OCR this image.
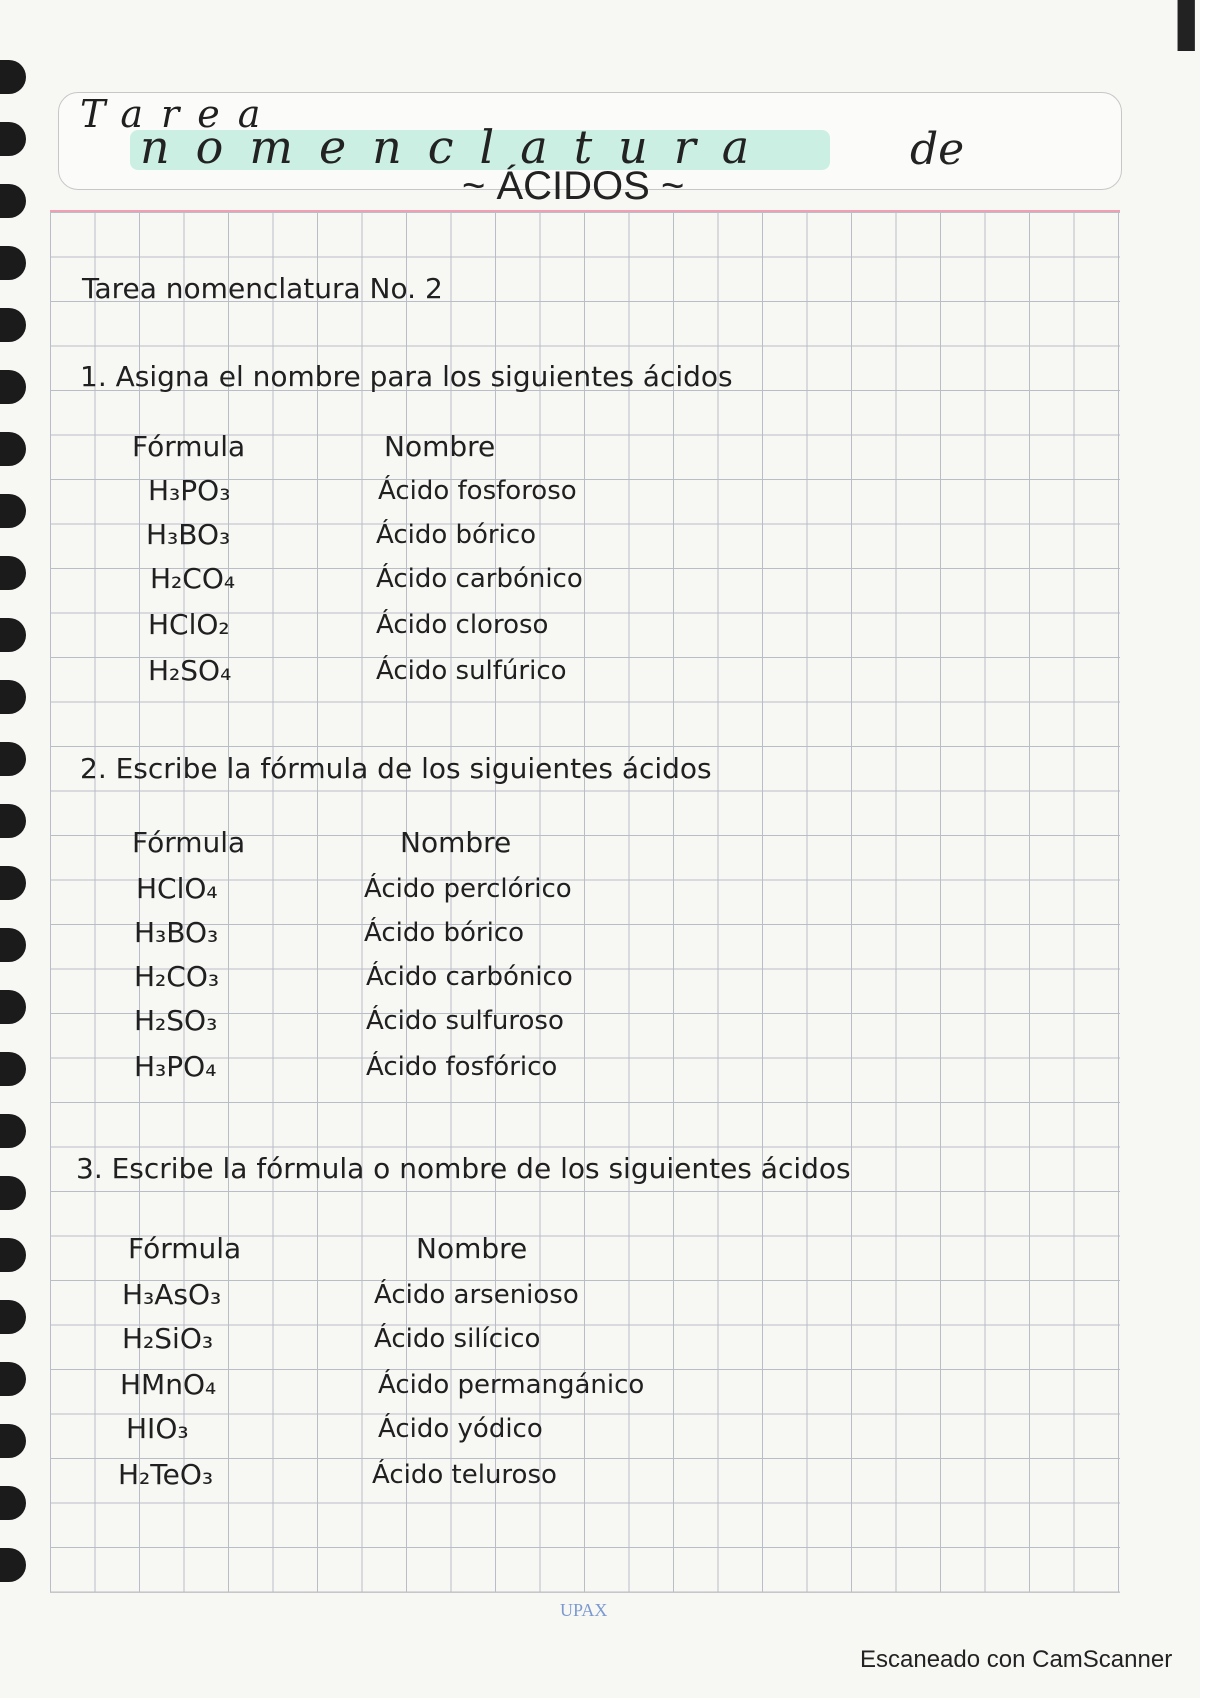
▌
Tarea
nomenclatura	de
~ ÁCIDOS ~
Tarea nomenclatura No. 2
1. Asigna el nombre para los siguientes ácidos
Fórmula	Nombre
H₃PO₃	Ácido fosforoso
H₃BO₃	Ácido bórico
H₂CO₄	Ácido carbónico
HClO₂	Ácido cloroso
H₂SO₄	Ácido sulfúrico
2. Escribe la fórmula de los siguientes ácidos
Fórmula	Nombre
HClO₄	Ácido perclórico
H₃BO₃	Ácido bórico
H₂CO₃	Ácido carbónico
H₂SO₃	Ácido sulfuroso
H₃PO₄	Ácido fosfórico
3. Escribe la fórmula o nombre de los siguientes ácidos
Fórmula	Nombre
H₃AsO₃	Ácido arsenioso
H₂SiO₃	Ácido silícico
HMnO₄	Ácido permangánico
HIO₃	Ácido yódico
H₂TeO₃	Ácido teluroso
UPAX
Escaneado con CamScanner
